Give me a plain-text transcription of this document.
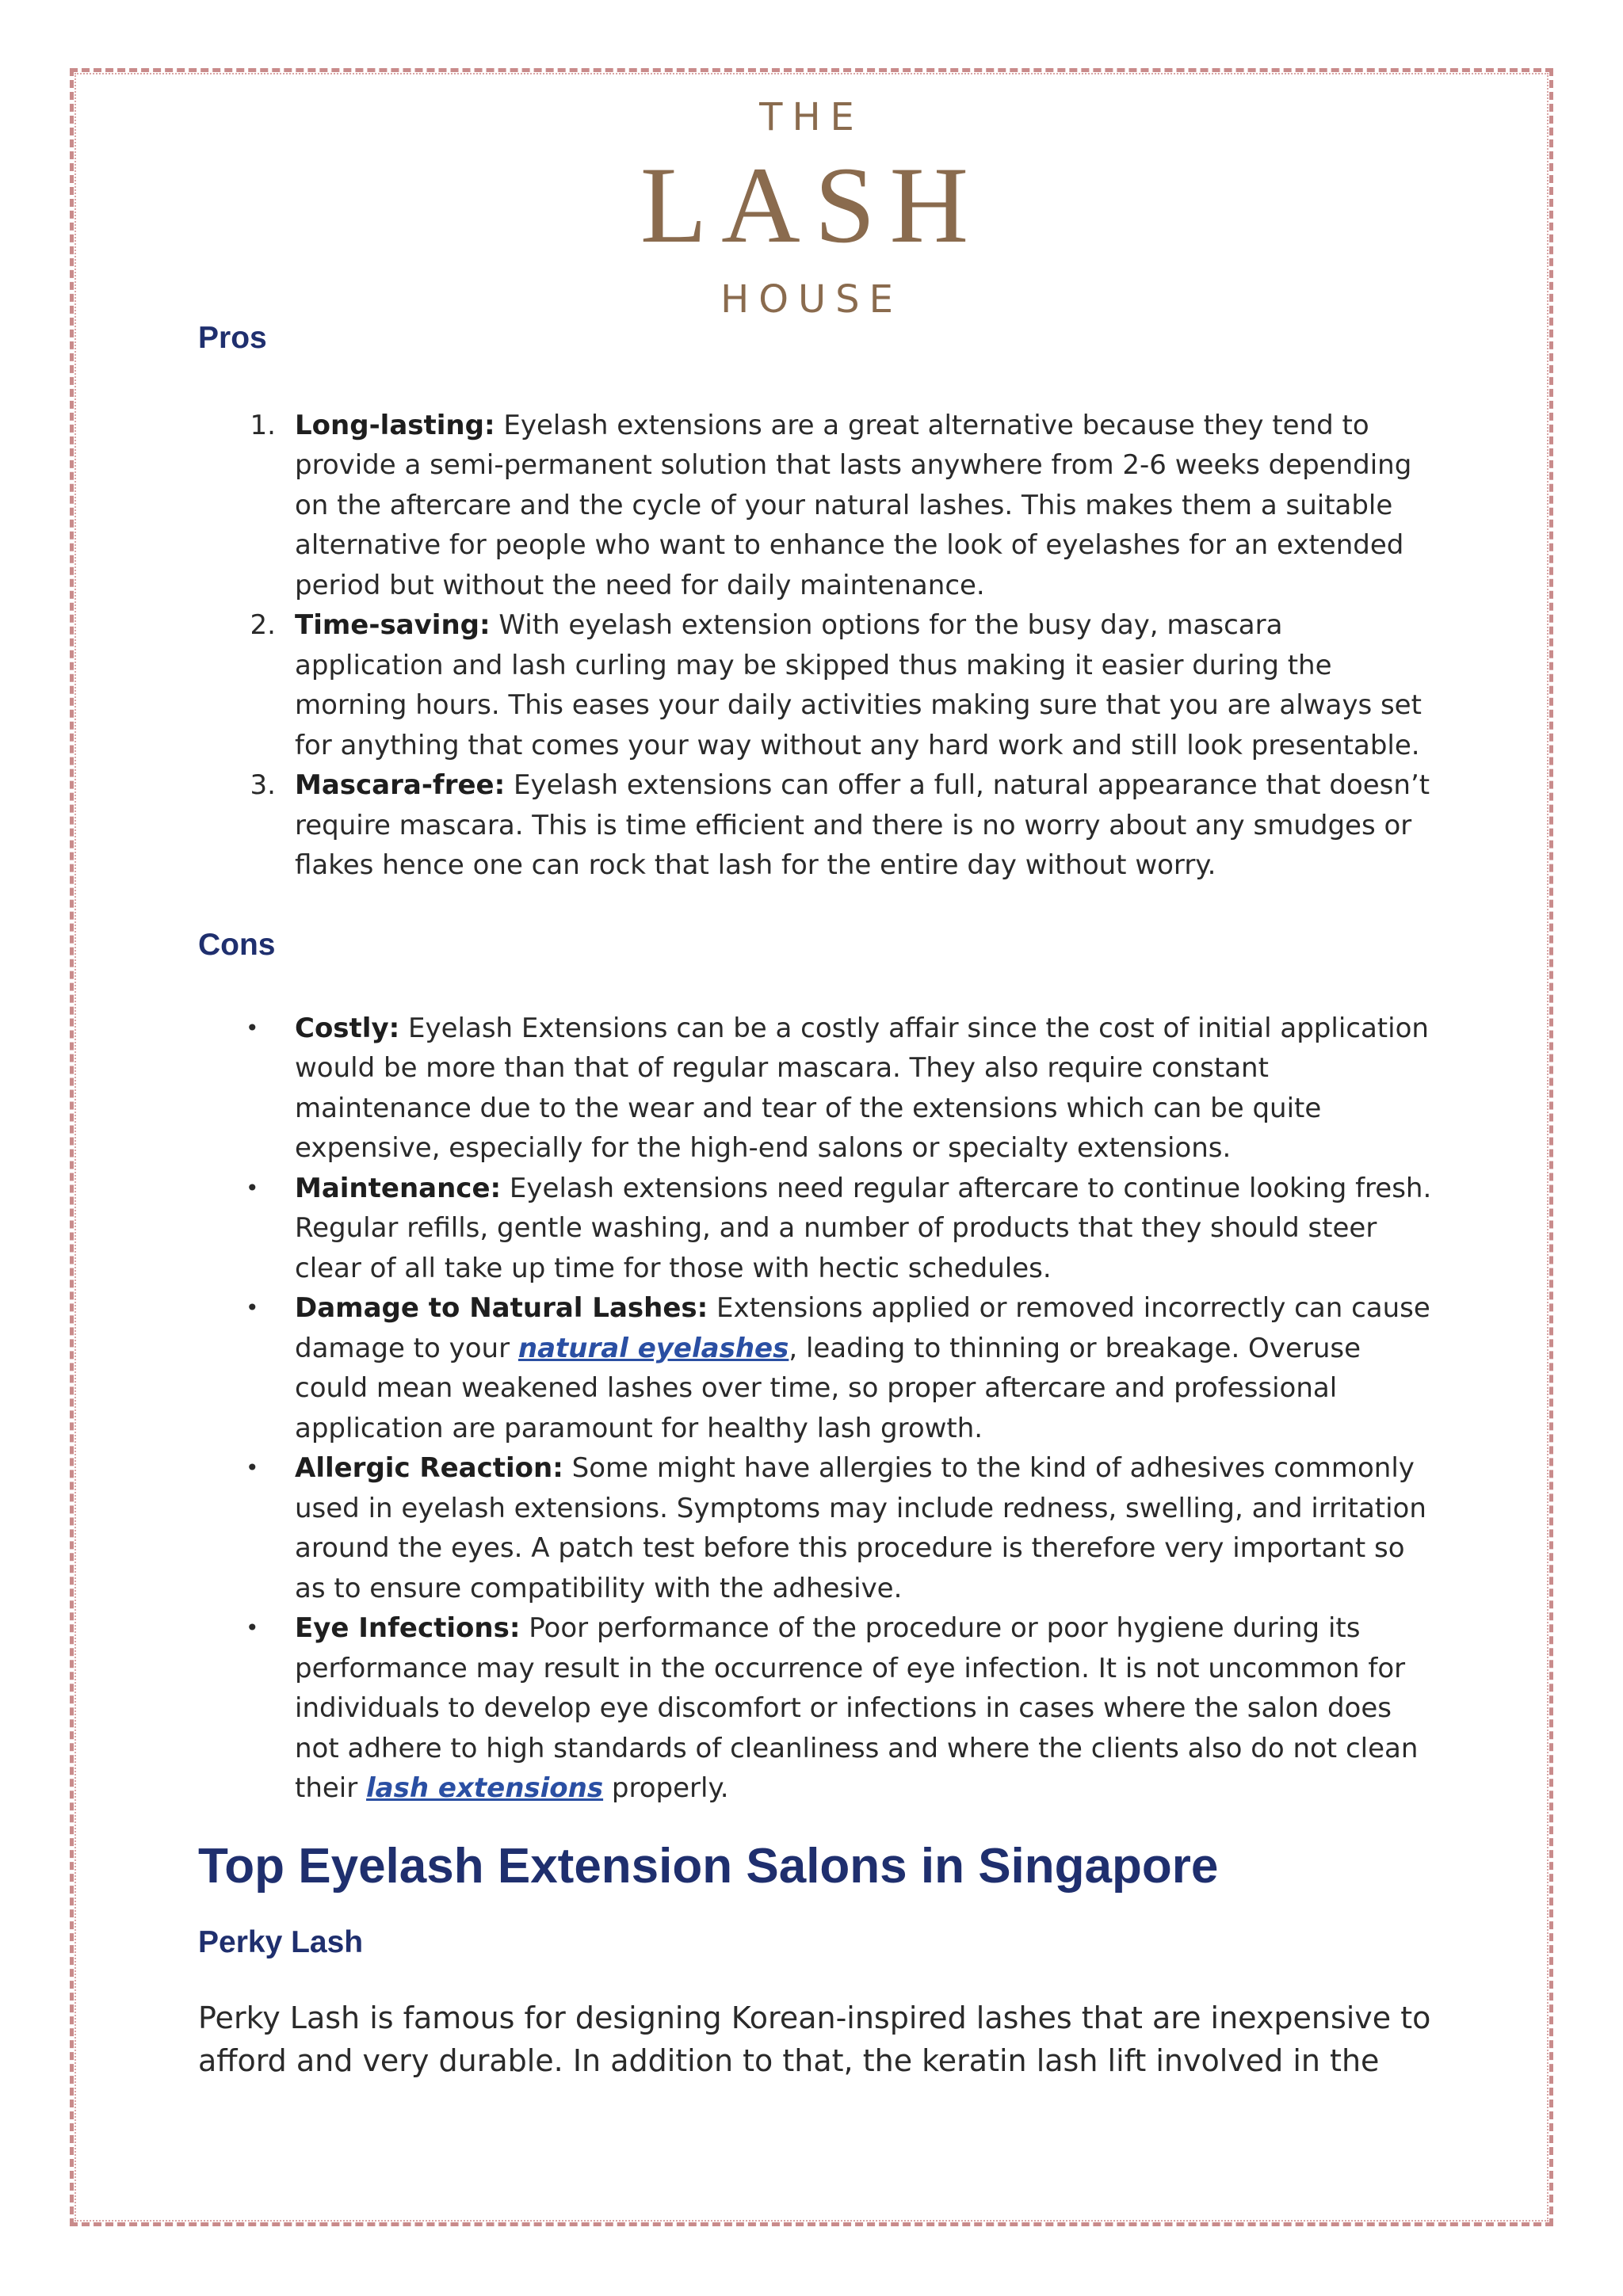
THE
LASH
HOUSE
Pros
1. Long-lasting: Eyelash extensions are a great alternative because they tend to provide a semi-permanent solution that lasts anywhere from 2-6 weeks depending on the aftercare and the cycle of your natural lashes. This makes them a suitable alternative for people who want to enhance the look of eyelashes for an extended period but without the need for daily maintenance.
2. Time-saving: With eyelash extension options for the busy day, mascara application and lash curling may be skipped thus making it easier during the morning hours. This eases your daily activities making sure that you are always set for anything that comes your way without any hard work and still look presentable.
3. Mascara-free: Eyelash extensions can offer a full, natural appearance that doesn’t require mascara. This is time efficient and there is no worry about any smudges or flakes hence one can rock that lash for the entire day without worry.
Cons
•	Costly: Eyelash Extensions can be a costly affair since the cost of initial application would be more than that of regular mascara. They also require constant maintenance due to the wear and tear of the extensions which can be quite expensive, especially for the high-end salons or specialty extensions.
•	Maintenance: Eyelash extensions need regular aftercare to continue looking fresh. Regular refills, gentle washing, and a number of products that they should steer clear of all take up time for those with hectic schedules.
•	Damage to Natural Lashes: Extensions applied or removed incorrectly can cause damage to your natural eyelashes, leading to thinning or breakage. Overuse could mean weakened lashes over time, so proper aftercare and professional application are paramount for healthy lash growth.
•	Allergic Reaction: Some might have allergies to the kind of adhesives commonly used in eyelash extensions. Symptoms may include redness, swelling, and irritation around the eyes. A patch test before this procedure is therefore very important so as to ensure compatibility with the adhesive.
•	Eye Infections: Poor performance of the procedure or poor hygiene during its performance may result in the occurrence of eye infection. It is not uncommon for individuals to develop eye discomfort or infections in cases where the salon does not adhere to high standards of cleanliness and where the clients also do not clean their lash extensions properly.
Top Eyelash Extension Salons in Singapore
Perky Lash

Perky Lash is famous for designing Korean-inspired lashes that are inexpensive to afford and very durable. In addition to that, the keratin lash lift involved in the
